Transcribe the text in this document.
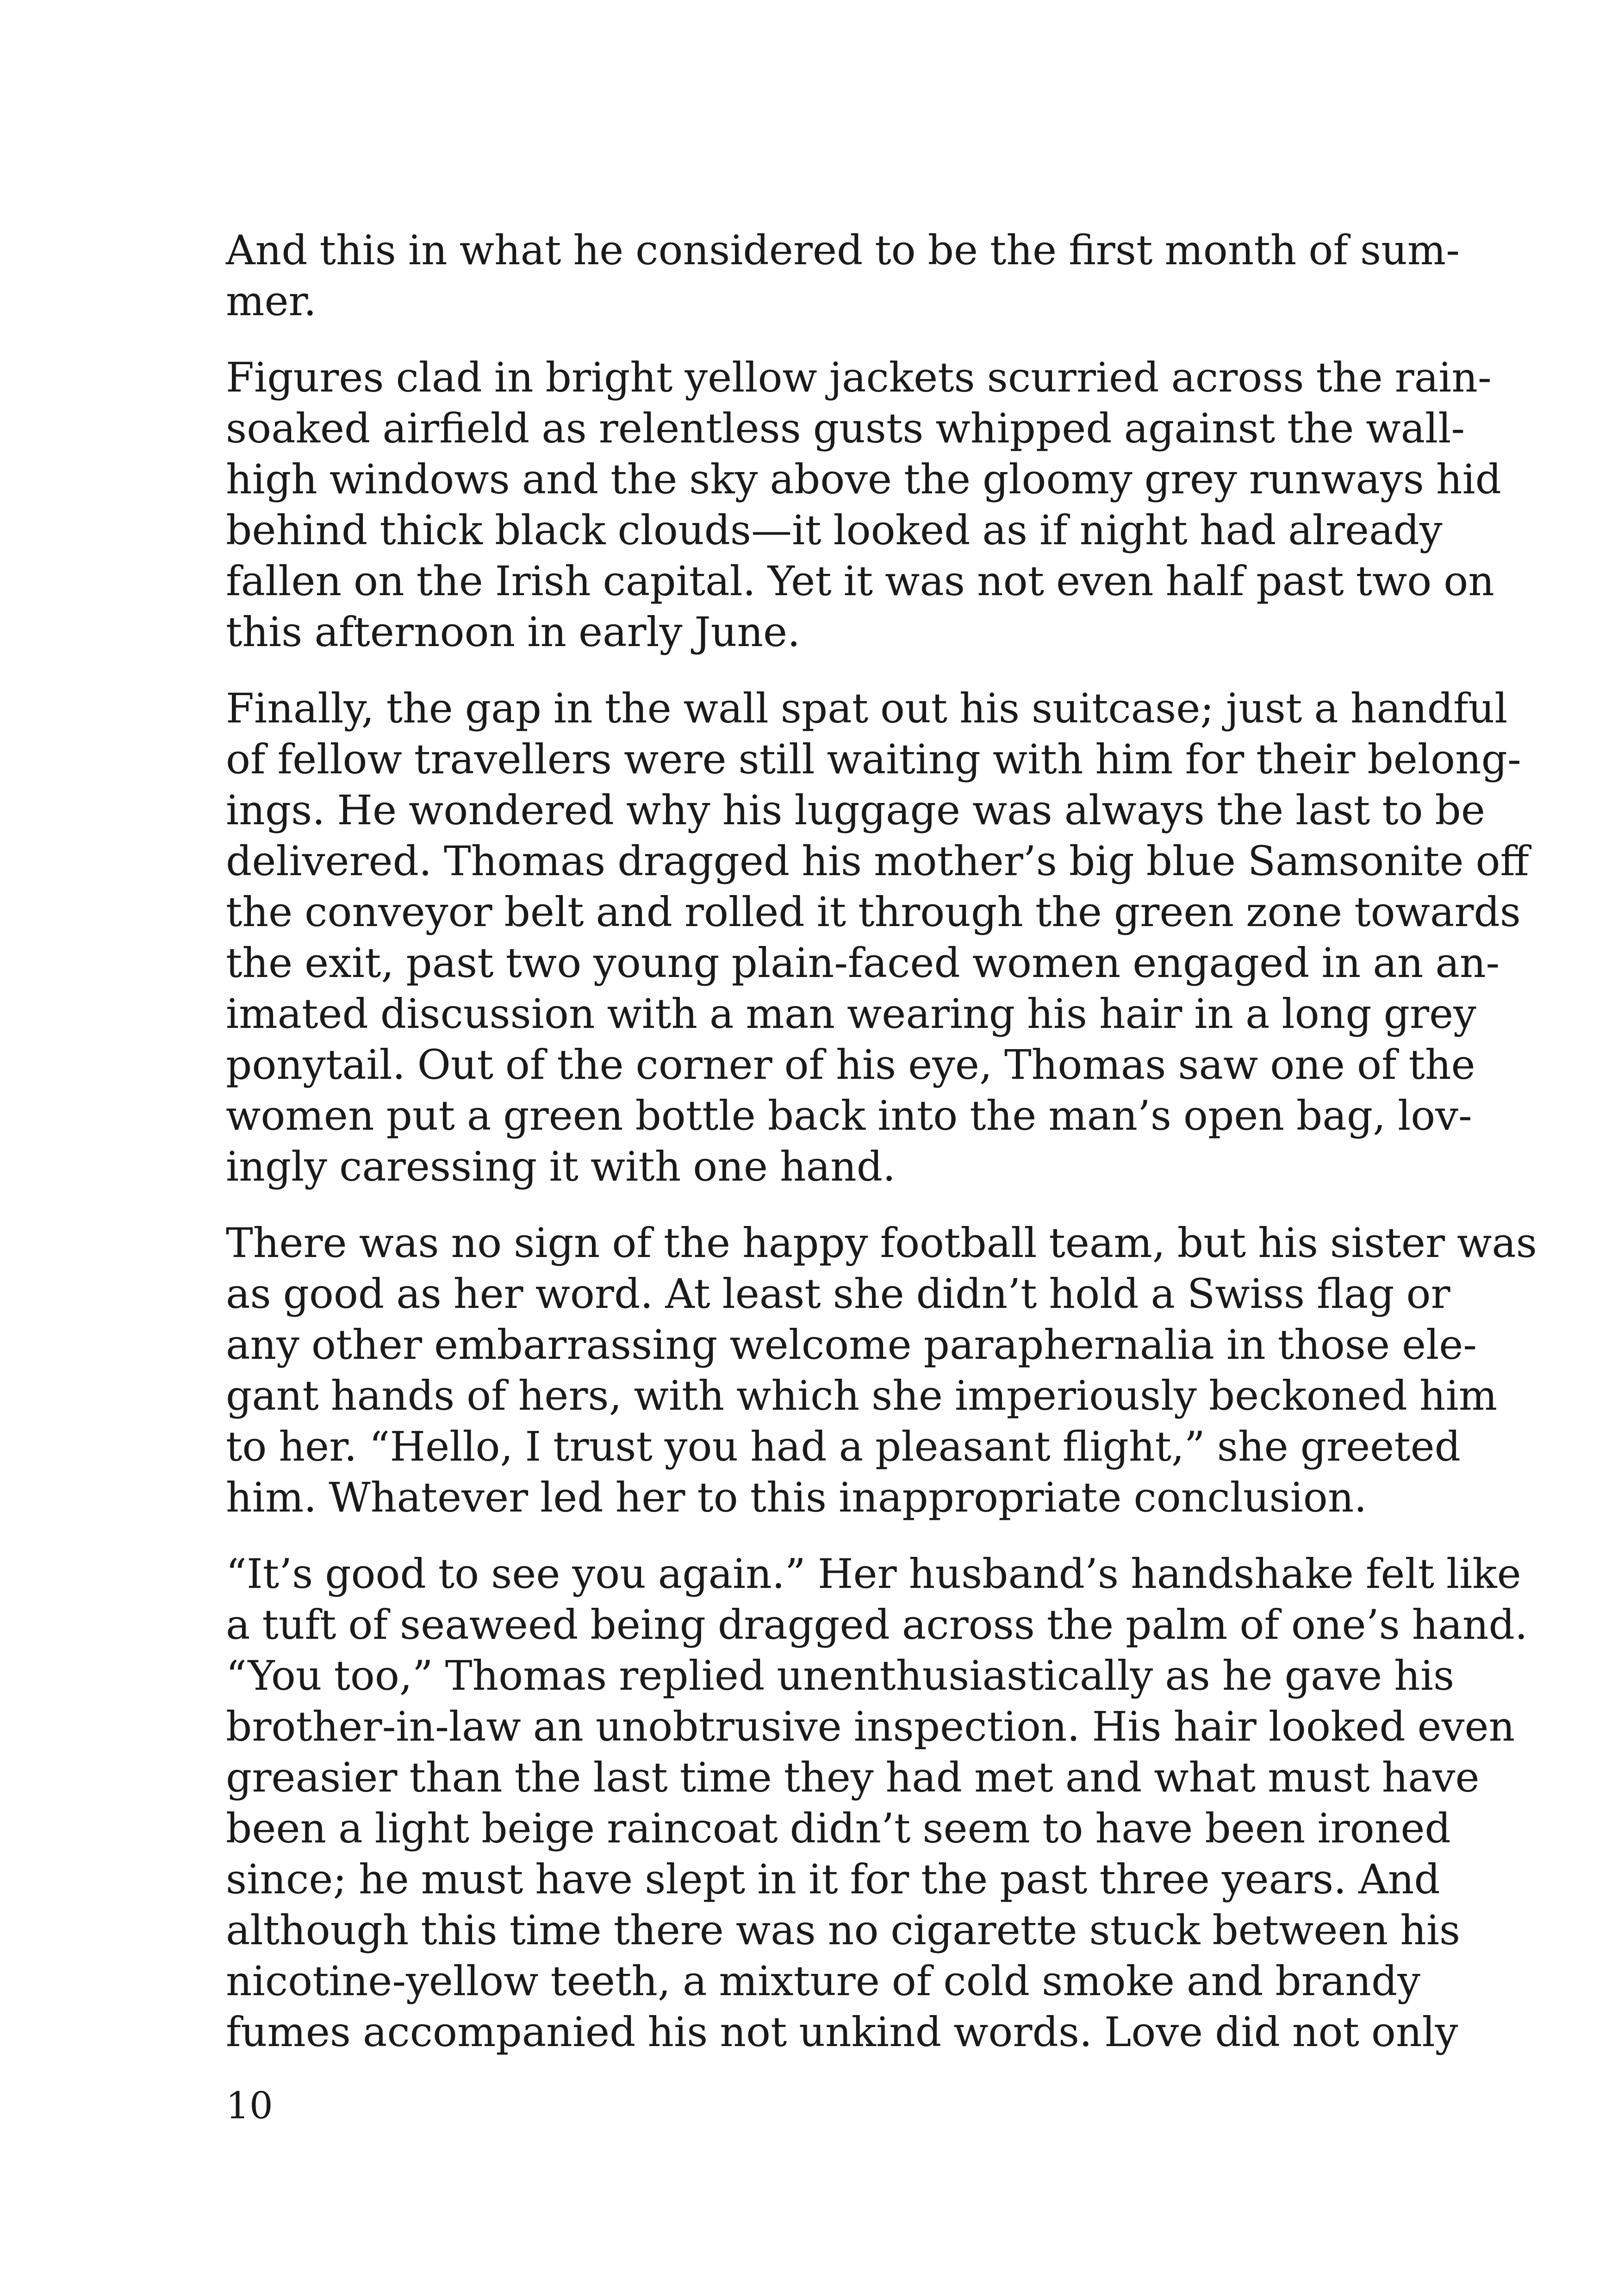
And this in what he considered to be the first month of sum-
mer.

Figures clad in bright yellow jackets scurried across the rain-
soaked airfield as relentless gusts whipped against the wall-
high windows and the sky above the gloomy grey runways hid
behind thick black clouds—it looked as if night had already
fallen on the Irish capital. Yet it was not even half past two on
this afternoon in early June.

Finally, the gap in the wall spat out his suitcase; just a handful
of fellow travellers were still waiting with him for their belong-
ings. He wondered why his luggage was always the last to be
delivered. Thomas dragged his mother’s big blue Samsonite off
the conveyor belt and rolled it through the green zone towards
the exit, past two young plain-faced women engaged in an an-
imated discussion with a man wearing his hair in a long grey
ponytail. Out of the corner of his eye, Thomas saw one of the
women put a green bottle back into the man’s open bag, lov-
ingly caressing it with one hand.

There was no sign of the happy football team, but his sister was
as good as her word. At least she didn’t hold a Swiss flag or
any other embarrassing welcome paraphernalia in those ele-
gant hands of hers, with which she imperiously beckoned him
to her. “Hello, I trust you had a pleasant flight,” she greeted
him. Whatever led her to this inappropriate conclusion.

“It’s good to see you again.” Her husband’s handshake felt like
a tuft of seaweed being dragged across the palm of one’s hand.
“You too,” Thomas replied unenthusiastically as he gave his
brother-in-law an unobtrusive inspection. His hair looked even
greasier than the last time they had met and what must have
been a light beige raincoat didn’t seem to have been ironed
since; he must have slept in it for the past three years. And
although this time there was no cigarette stuck between his
nicotine-yellow teeth, a mixture of cold smoke and brandy
fumes accompanied his not unkind words. Love did not only

10
